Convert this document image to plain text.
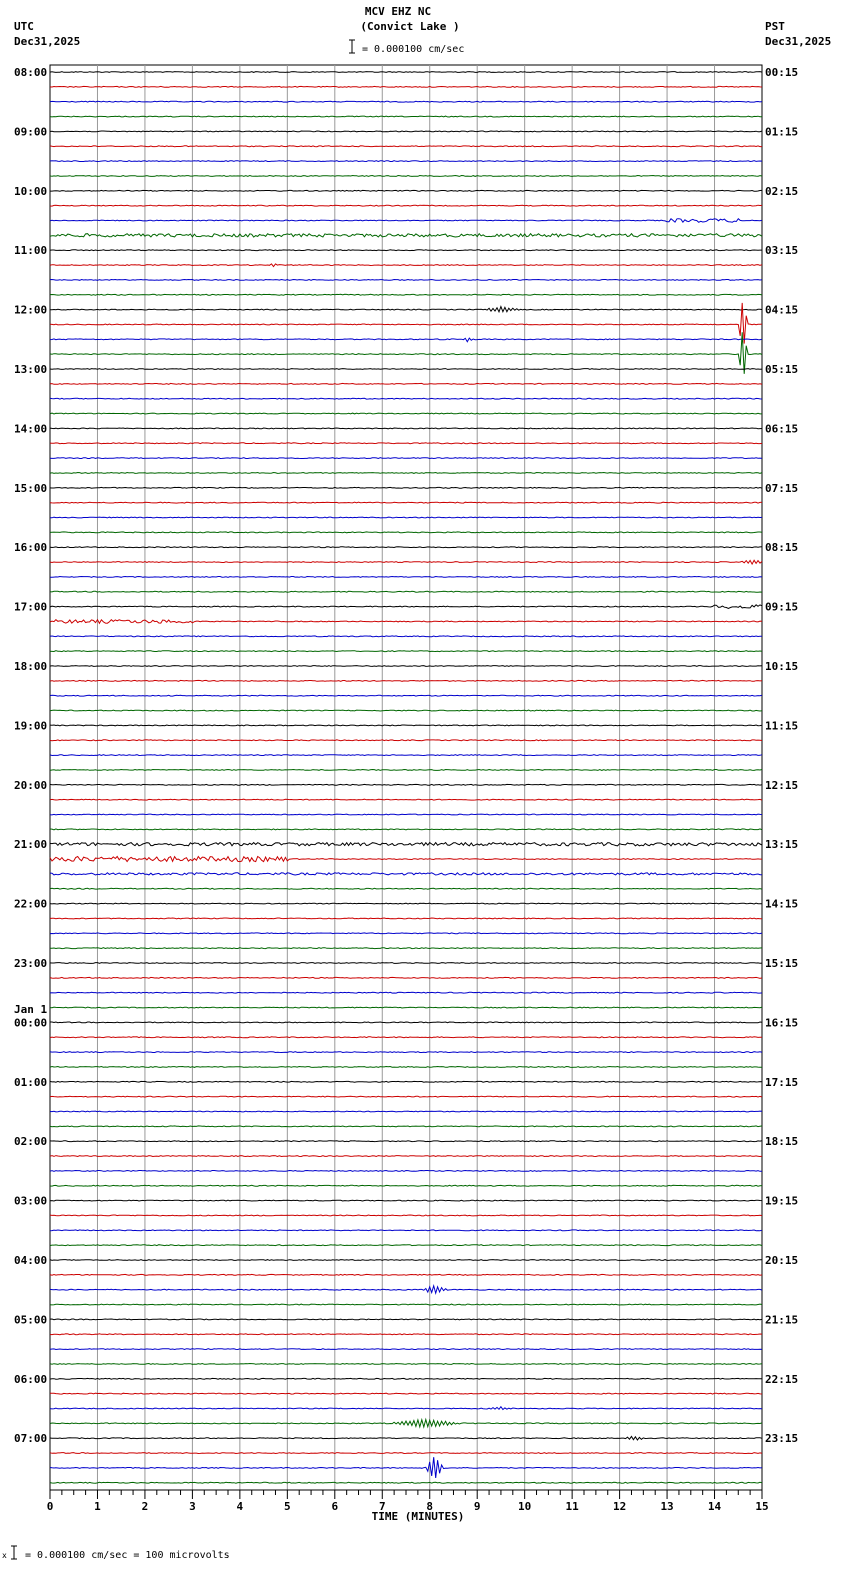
MCV EHZ NC
(Convict Lake )
UTC
Dec31,2025
PST
Dec31,2025
= 0.000100 cm/sec
08:00
09:00
10:00
11:00
12:00
13:00
14:00
15:00
16:00
17:00
18:00
19:00
20:00
21:00
22:00
23:00
00:00
01:00
02:00
03:00
04:00
05:00
06:00
07:00
00:15
01:15
02:15
03:15
04:15
05:15
06:15
07:15
08:15
09:15
10:15
11:15
12:15
13:15
14:15
15:15
16:15
17:15
18:15
19:15
20:15
21:15
22:15
23:15
Jan 1
0	1	2	3	4	5	6	7	8	9	10	11	12	13	14	15
TIME (MINUTES)
x = 0.000100 cm/sec = 100 microvolts
